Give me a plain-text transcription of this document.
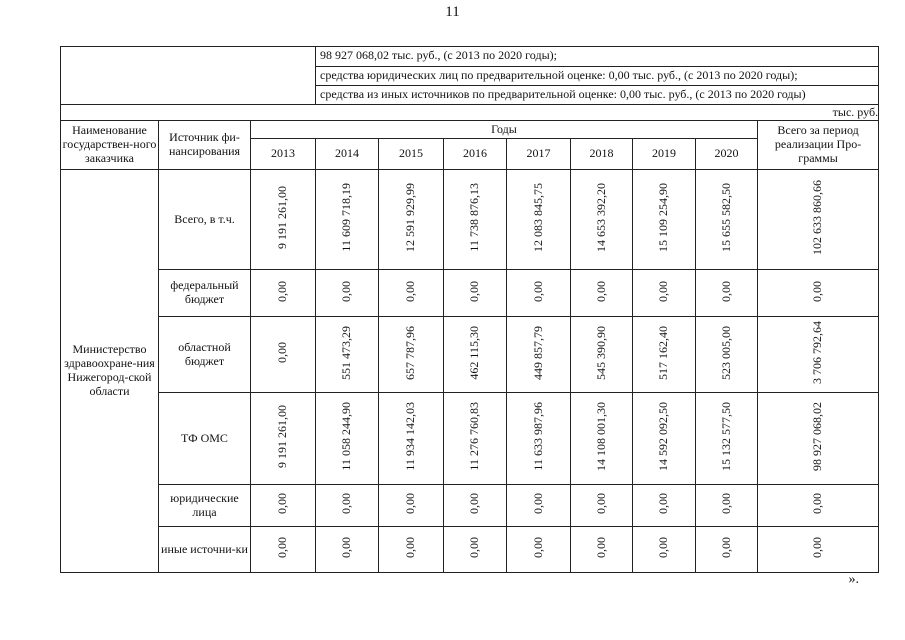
11

			98 927 068,02 тыс. руб., (с 2013 по 2020 годы);
средства юридических лиц по предварительной оценке: 0,00 тыс. руб., (с 2013 по 2020 годы);
средства из иных источников по предварительной оценке: 0,00 тыс. руб., (с 2013 по 2020 годы)							

тыс. руб.										
Наименование государствен-ного заказчика	Источник фи-нансирования	Годы								Всего за период реализации Про-граммы
		2013	2014	2015	2016	2017	2018	2019	2020	
Министерство здравоохране-ния Нижегород-ской области	Всего, в т.ч.	9 191 261,00	11 609 718,19	12 591 929,99	11 738 876,13	12 083 845,75	14 653 392,20	15 109 254,90	15 655 582,50	102 633 860,66
	федеральный бюджет	0,00	0,00	0,00	0,00	0,00	0,00	0,00	0,00	0,00
	областной бюджет	0,00	551 473,29	657 787,96	462 115,30	449 857,79	545 390,90	517 162,40	523 005,00	3 706 792,64
	ТФ ОМС	9 191 261,00	11 058 244,90	11 934 142,03	11 276 760,83	11 633 987,96	14 108 001,30	14 592 092,50	15 132 577,50	98 927 068,02
	юридические лица	0,00	0,00	0,00	0,00	0,00	0,00	0,00	0,00	0,00
	иные источни-ки	0,00	0,00	0,00	0,00	0,00	0,00	0,00	0,00	0,00
».
